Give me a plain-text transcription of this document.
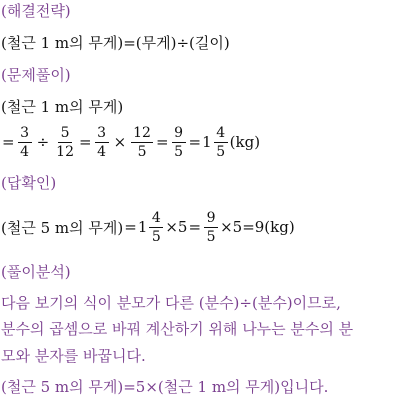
(해결전략)
(철근 1 m의 무게)=(무게)÷(길이)
(문제풀이)
(철근 1 m의 무게)
= $\frac{3}{4} \div \frac{5}{12} = \frac{3}{4} \times \frac{12}{5} = \frac{9}{5} = 1 \frac{4}{5} (kg)$
(답확인)
(철근 5 m의 무게) = $1 \frac{4}{5} \times 5 = \frac{9}{5} \times 5 =9(kg)$
(풀이분석)
다음 보기의 식이 분모가 다른 (분수)÷(분수)이므로,
분수의 곱셈으로 바꿔 계산하기 위해 나누는 분수의 분
모와 분자를 바꿉니다.
(철근 5 m의 무게)=5×(철근 1 m의 무게)입니다.
